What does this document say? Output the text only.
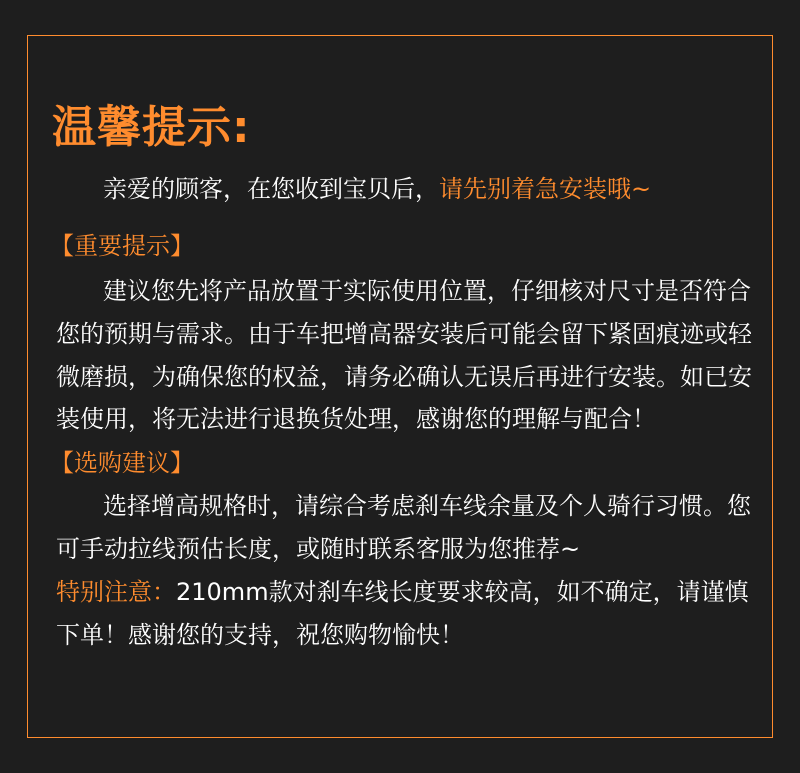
温馨提示:
亲爱的顾客，在您收到宝贝后，请先别着急安装哦~
【重要提示】
建议您先将产品放置于实际使用位置，仔细核对尺寸是否符合
您的预期与需求。由于车把增高器安装后可能会留下紧固痕迹或轻
微磨损，为确保您的权益，请务必确认无误后再进行安装。如已安
装使用，将无法进行退换货处理，感谢您的理解与配合！
【选购建议】
选择增高规格时，请综合考虑刹车线余量及个人骑行习惯。您
可手动拉线预估长度，或随时联系客服为您推荐~
特别注意：210mm款对刹车线长度要求较高，如不确定，请谨慎
下单！感谢您的支持，祝您购物愉快！
